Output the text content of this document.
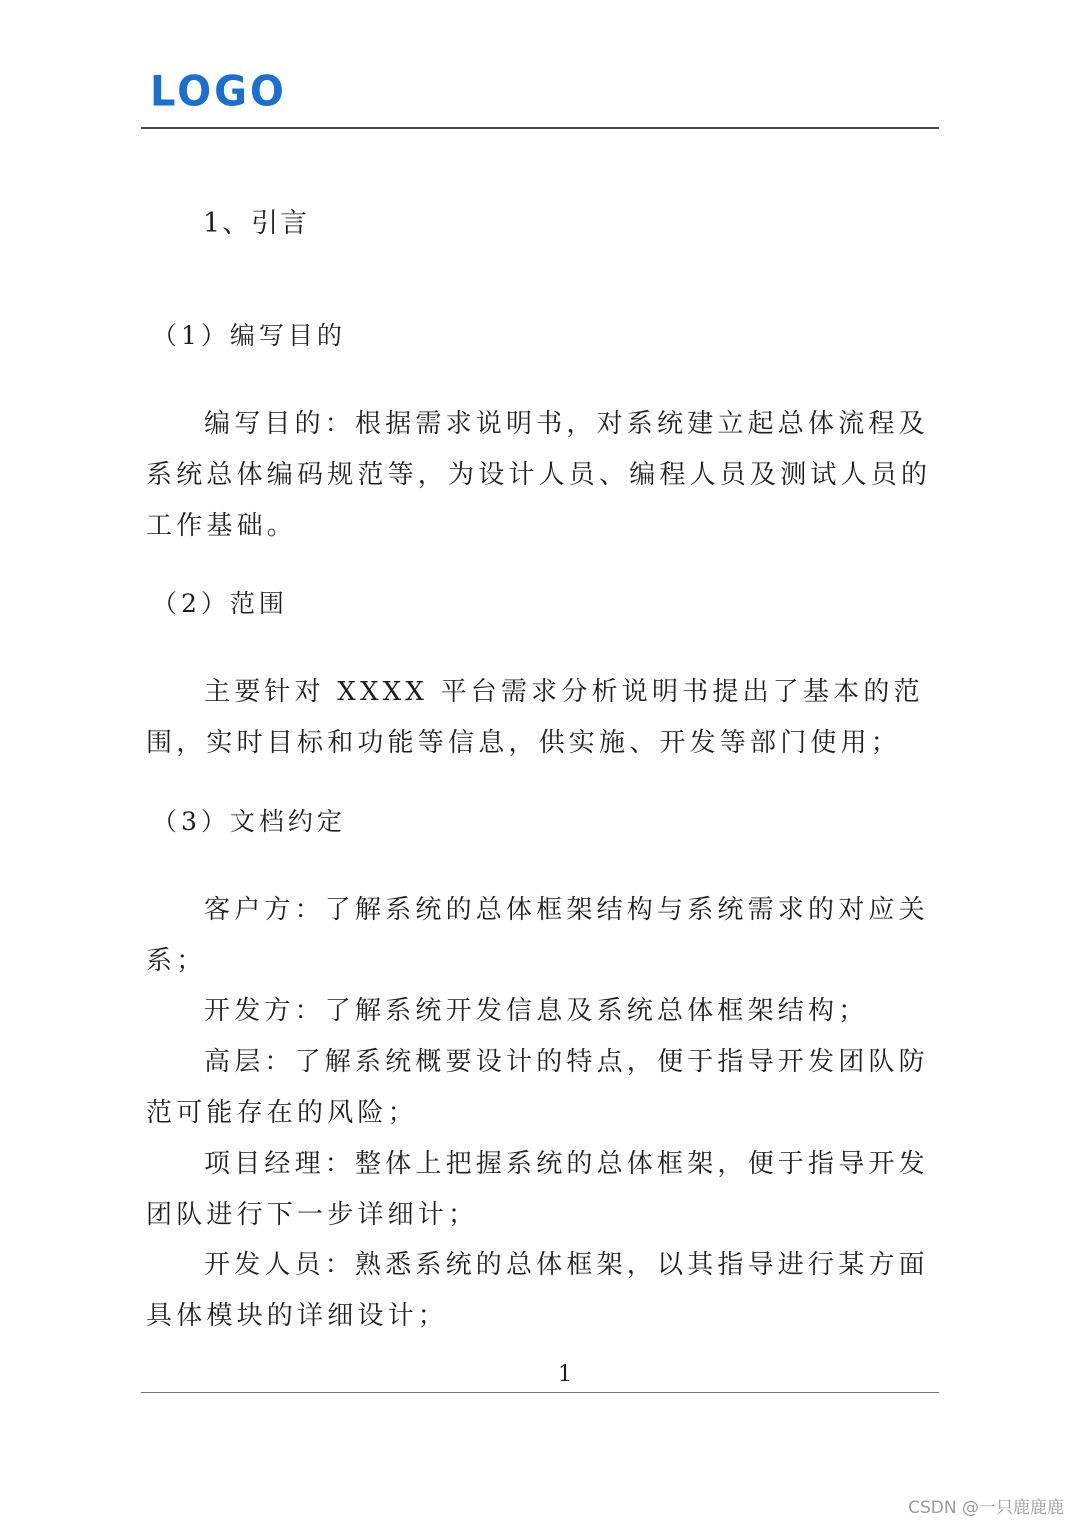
LOGO
1、引言
（1）编写目的

编写目的：根据需求说明书，对系统建立起总体流程及系统总体编码规范等，为设计人员、编程人员及测试人员的工作基础。

（2）范围

主要针对 XXXX 平台需求分析说明书提出了基本的范围，实时目标和功能等信息，供实施、开发等部门使用；

（3）文档约定

客户方：了解系统的总体框架结构与系统需求的对应关系；

开发方：了解系统开发信息及系统总体框架结构；

高层：了解系统概要设计的特点，便于指导开发团队防范可能存在的风险；

项目经理：整体上把握系统的总体框架，便于指导开发团队进行下一步详细计；

开发人员：熟悉系统的总体框架，以其指导进行某方面具体模块的详细设计；

1
CSDN @一只鹿鹿鹿
